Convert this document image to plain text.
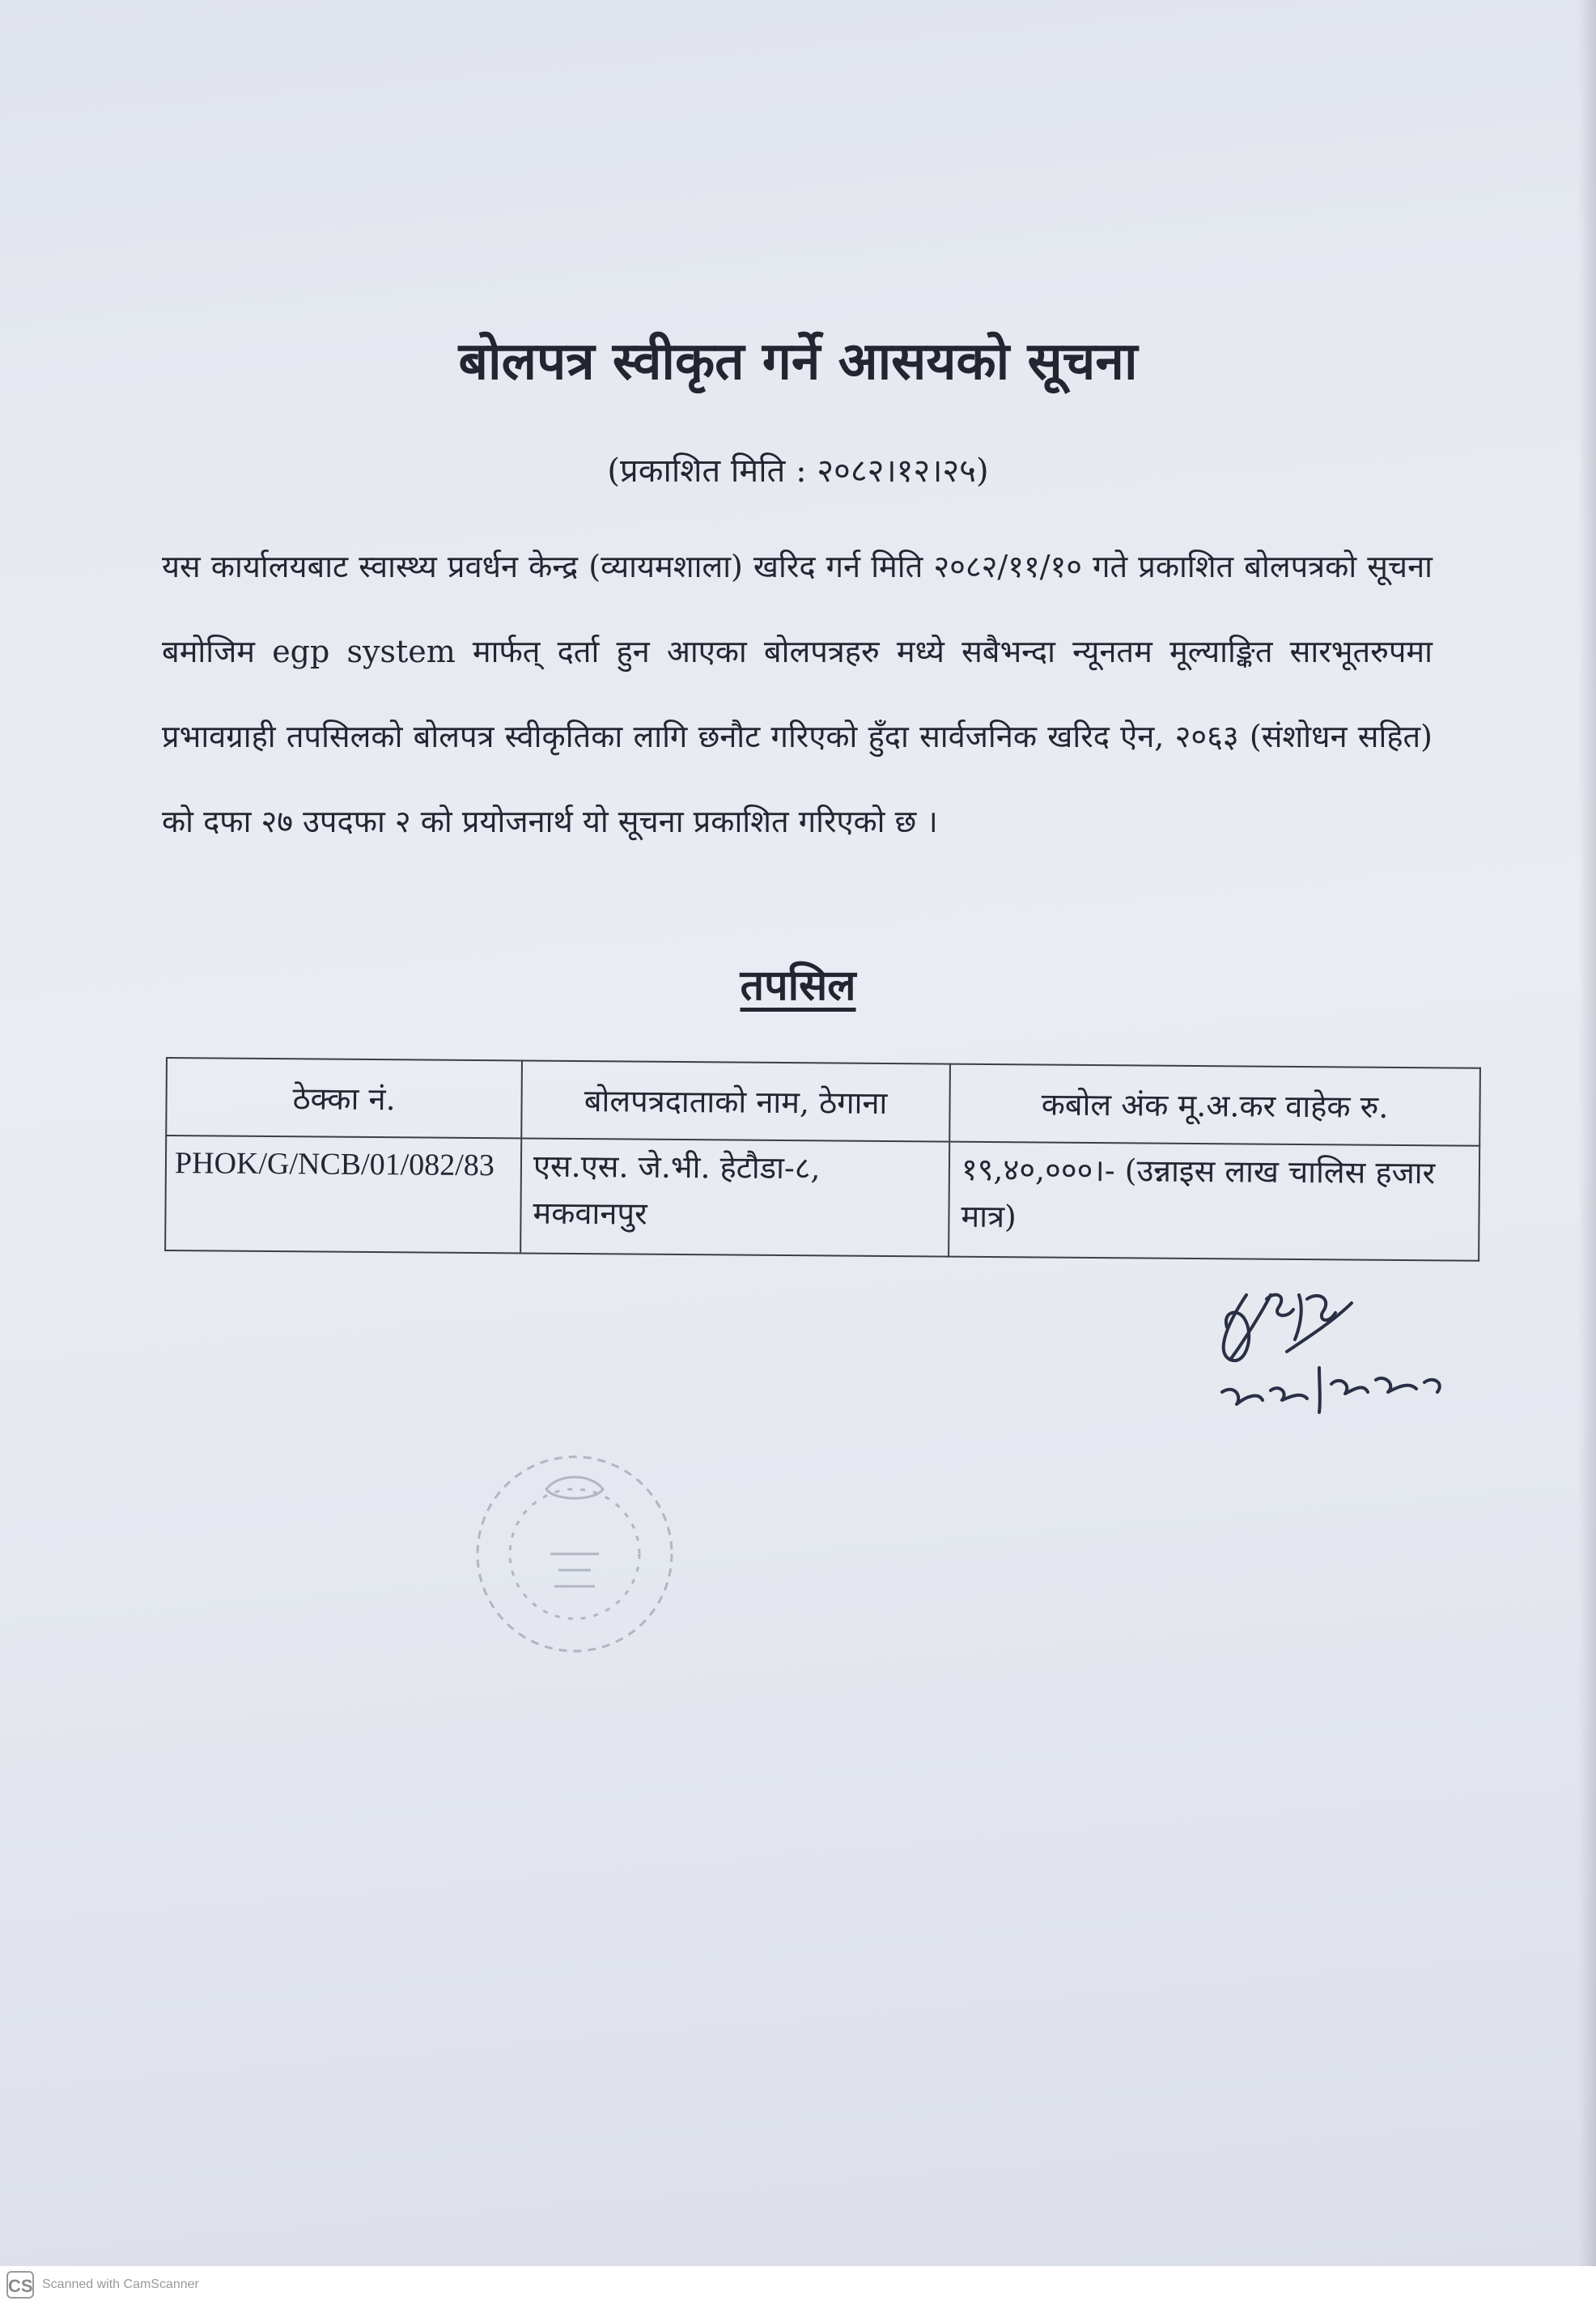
बोलपत्र स्वीकृत गर्ने आसयको सूचना
(प्रकाशित मिति : २०८२।१२।२५)
यस कार्यालयबाट स्वास्थ्य प्रवर्धन केन्द्र (व्यायमशाला) खरिद गर्न मिति २०८२/११/१० गते प्रकाशित बोलपत्रको सूचना बमोजिम egp system मार्फत् दर्ता हुन आएका बोलपत्रहरु मध्ये सबैभन्दा न्यूनतम मूल्याङ्कित सारभूतरुपमा प्रभावग्राही तपसिलको बोलपत्र स्वीकृतिका लागि छनौट गरिएको हुँदा सार्वजनिक खरिद ऐन, २०६३ (संशोधन सहित) को दफा २७ उपदफा २ को प्रयोजनार्थ यो सूचना प्रकाशित गरिएको छ ।
तपसिल
ठेक्का नं.	बोलपत्रदाताको नाम, ठेगाना	कबोल अंक मू.अ.कर वाहेक रु.
PHOK/G/NCB/01/082/83	एस.एस. जे.भी. हेटौडा-८, मकवानपुर	१९,४०,०००।- (उन्नाइस लाख चालिस हजार मात्र)
CS Scanned with CamScanner
